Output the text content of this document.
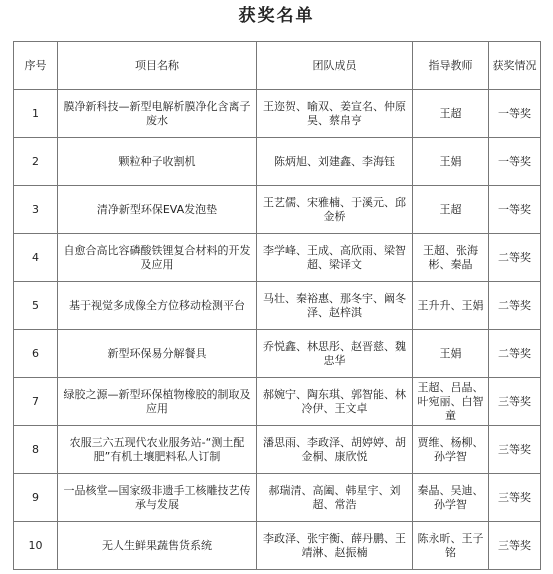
获奖名单
序号	项目名称	团队成员	指导教师	获奖情况
1	膜净新科技—新型电解析膜净化含离子废水	王迩贺、喻双、姜宣名、仲原昊、蔡帛亨	王超	一等奖
2	颗粒种子收割机	陈炳旭、刘建鑫、李海钰	王娟	一等奖
3	清净新型环保EVA发泡垫	王艺儒、宋雅楠、于溪元、邱金桥	王超	一等奖
4	自愈合高比容磷酸铁锂复合材料的开发及应用	李学峰、王成、高欣雨、梁智超、梁译文	王超、张海彬、秦晶	二等奖
5	基于视觉多成像全方位移动检测平台	马壮、秦裕惠、那冬宇、阚冬泽、赵梓淇	王升升、王娟	二等奖
6	新型环保易分解餐具	乔悦鑫、林思彤、赵晋慈、魏忠华	王娟	二等奖
7	绿胶之源—新型环保植物橡胶的制取及应用	郝婉宁、陶东琪、郭智能、林冷伊、王文卓	王超、吕晶、叶宛丽、白智童	三等奖
8	农服三六五现代农业服务站-“测土配肥”有机土壤肥料私人订制	潘思雨、李政泽、胡婷婷、胡金桐、康欣悦	贾维、杨柳、孙学智	三等奖
9	一品核堂—国家级非遗手工核雕技艺传承与发展	郝瑞清、高阖、韩星宇、刘超、常浩	秦晶、吴迪、孙学智	三等奖
10	无人生鲜果蔬售货系统	李政泽、张宇衡、薛丹鹏、王靖淋、赵振楠	陈永昕、王子铭	三等奖
